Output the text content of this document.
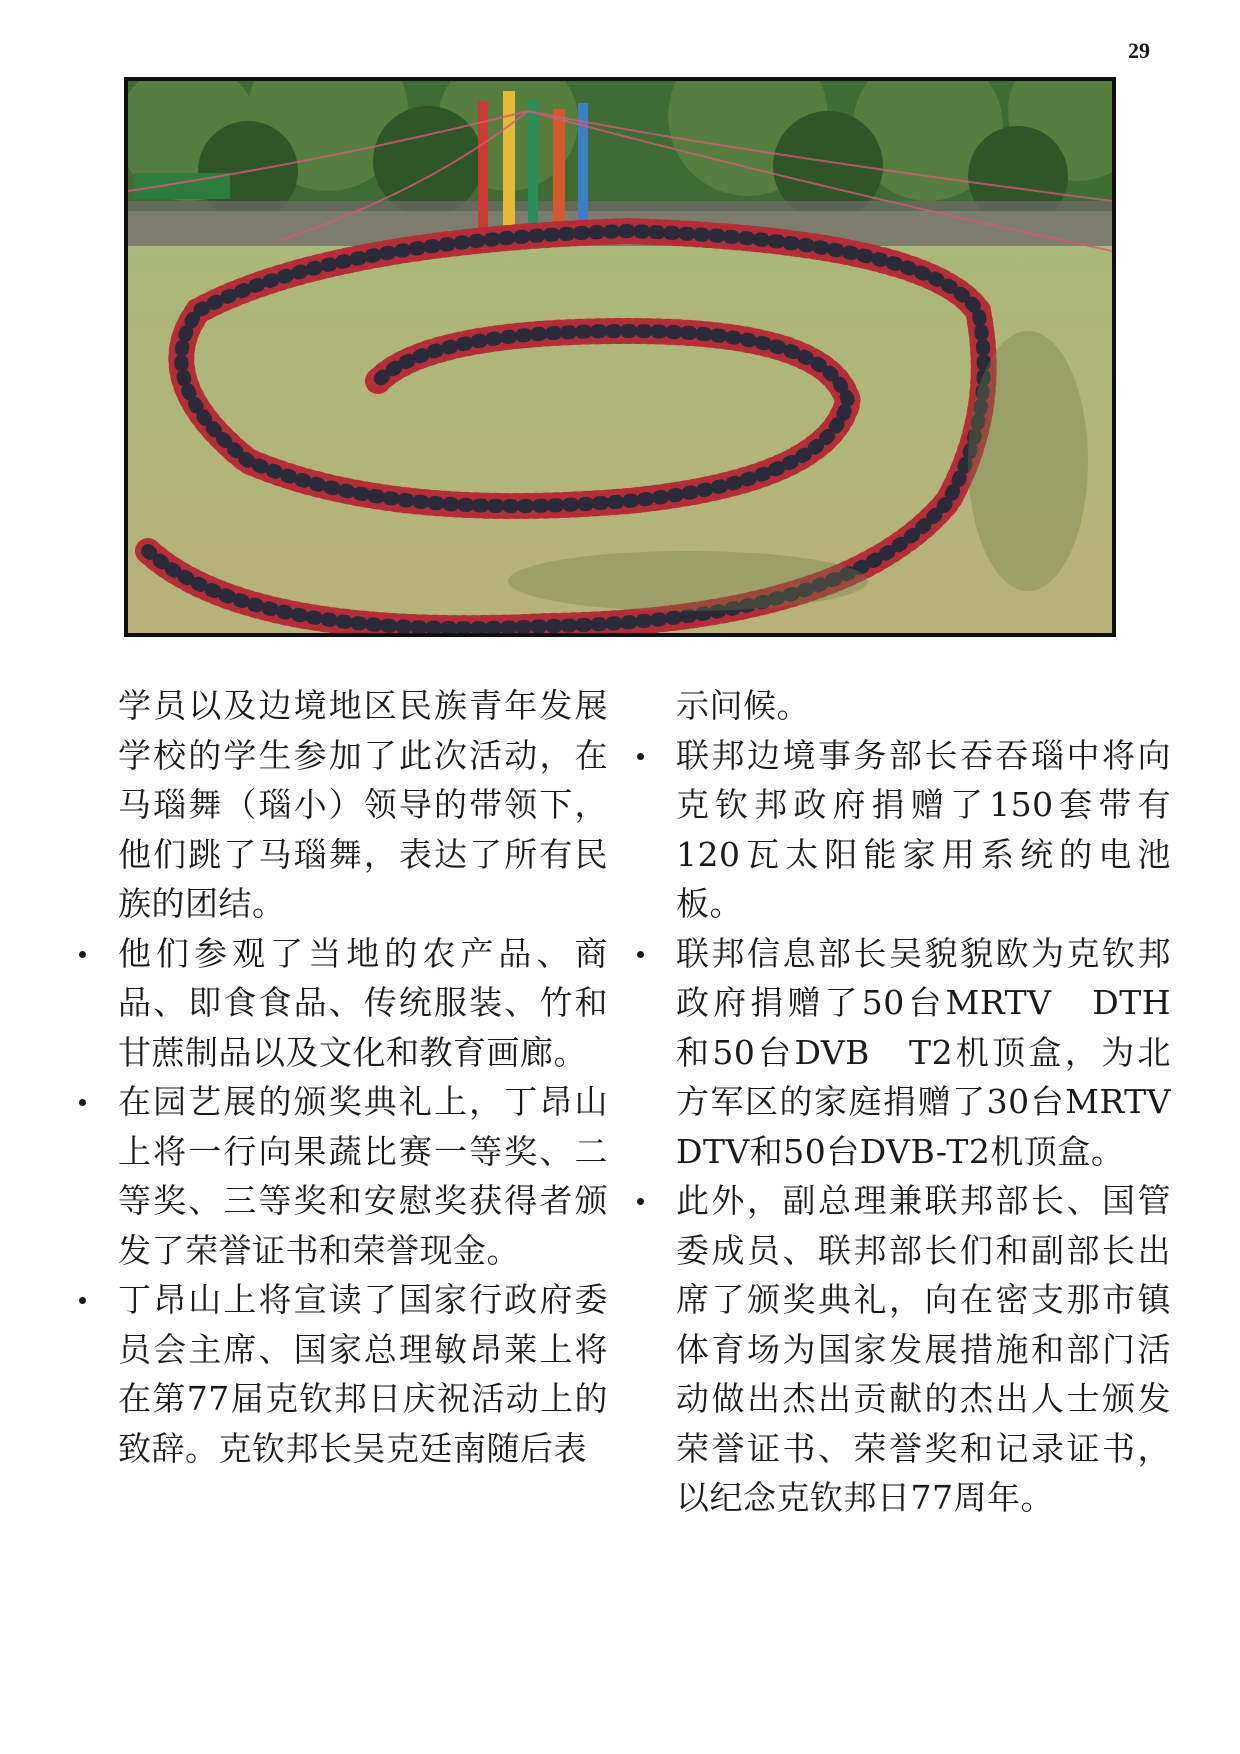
29

学员以及边境地区民族青年发展学校的学生参加了此次活动，在马瑙舞（瑙小）领导的带领下，他们跳了马瑙舞，表达了所有民族的团结。

他们参观了当地的农产品、商品、即食食品、传统服装、竹和甘蔗制品以及文化和教育画廊。
在园艺展的颁奖典礼上，丁昂山上将一行向果蔬比赛一等奖、二等奖、三等奖和安慰奖获得者颁发了荣誉证书和荣誉现金。
丁昂山上将宣读了国家行政府委员会主席、国家总理敏昂莱上将在第77届克钦邦日庆祝活动上的致辞。克钦邦长吴克廷南随后表

示问候。

联邦边境事务部长吞吞瑙中将向克钦邦政府捐赠了150套带有120瓦太阳能家用系统的电池板。
联邦信息部长吴貌貌欧为克钦邦政府捐赠了50台MRTV　DTH和50台DVB　T2机顶盒，为北方军区的家庭捐赠了30台MRTV　DTV和50台DVB-T2机顶盒。
此外，副总理兼联邦部长、国管委成员、联邦部长们和副部长出席了颁奖典礼，向在密支那市镇体育场为国家发展措施和部门活动做出杰出贡献的杰出人士颁发荣誉证书、荣誉奖和记录证书，以纪念克钦邦日77周年。
